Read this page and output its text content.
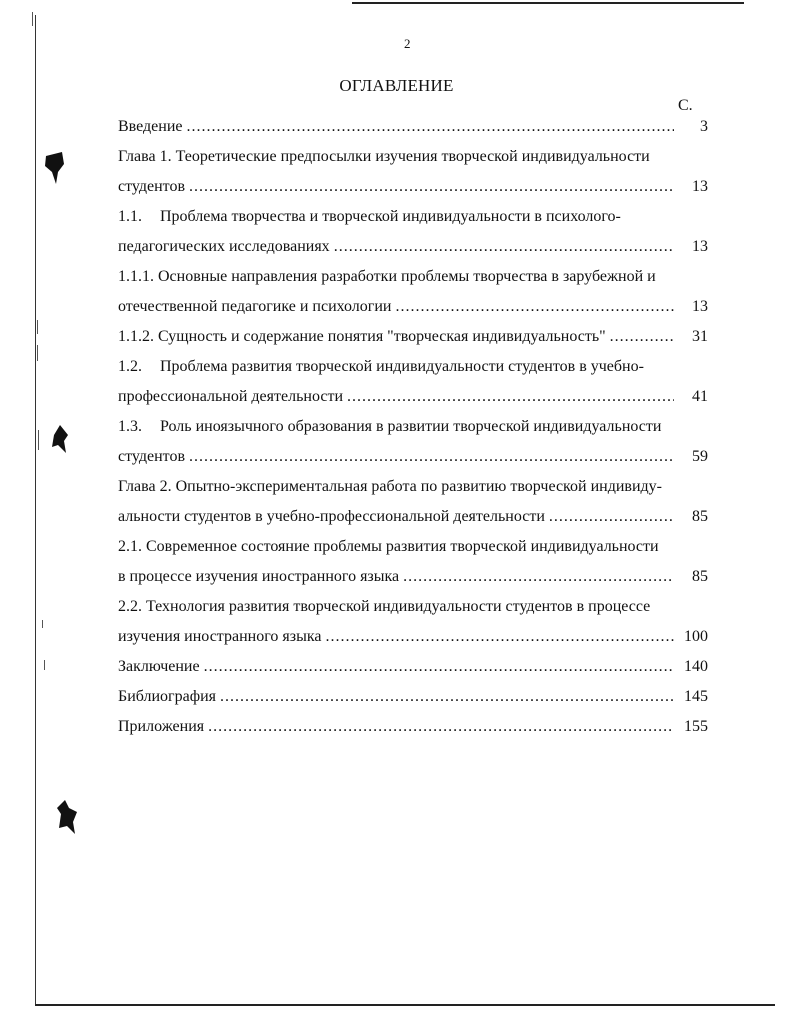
2
ОГЛАВЛЕНИЕ
С.
Введение .....	3
Глава 1. Теоретические предпосылки изучения творческой индивидуальности
студентов .....	13
1.1. Проблема творчества и творческой индивидуальности в психолого-
педагогических исследованиях .....	13
1.1.1. Основные направления разработки проблемы творчества в зарубежной и
отечественной педагогике и психологии .....	13
1.1.2. Сущность и содержание понятия "творческая индивидуальность" .....	31
1.2. Проблема развития творческой индивидуальности студентов в учебно-
профессиональной деятельности .....	41
1.3. Роль иноязычного образования в развитии творческой индивидуальности
студентов .....	59
Глава 2. Опытно-экспериментальная работа по развитию творческой индивиду-
альности студентов в учебно-профессиональной деятельности .....	85
2.1. Современное состояние проблемы развития творческой индивидуальности
в процессе изучения иностранного языка .....	85
2.2. Технология развития творческой индивидуальности студентов в процессе
изучения иностранного языка .....	100
Заключение .....	140
Библиография .....	145
Приложения .....	155
